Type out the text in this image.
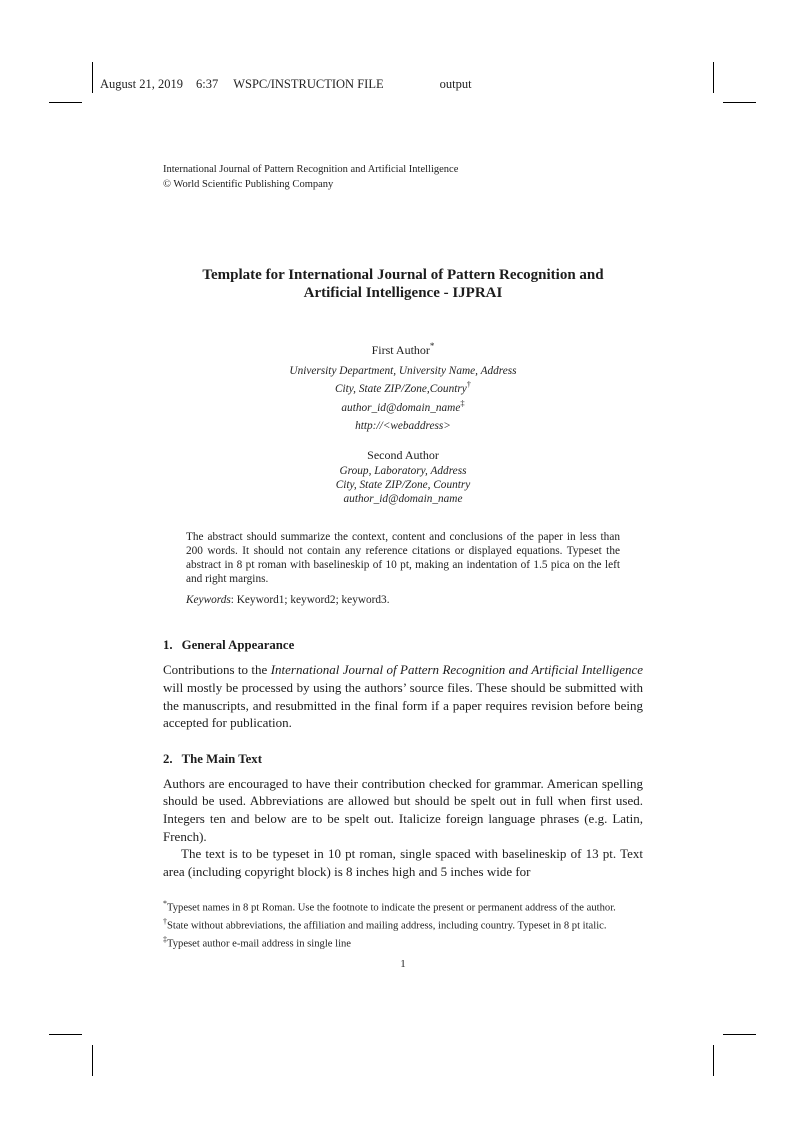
August 21, 2019 6:37 WSPC/INSTRUCTION FILE	output
International Journal of Pattern Recognition and Artificial Intelligence
© World Scientific Publishing Company
Template for International Journal of Pattern Recognition and
Artificial Intelligence - IJPRAI
First Author*
University Department, University Name, Address
City, State ZIP/Zone,Country†
author_id@domain_name‡
http://<webaddress>
Second Author
Group, Laboratory, Address
City, State ZIP/Zone, Country
author_id@domain_name
The abstract should summarize the context, content and conclusions of the paper in less than 200 words. It should not contain any reference citations or displayed equations. Typeset the abstract in 8 pt roman with baselineskip of 10 pt, making an indentation of 1.5 pica on the left and right margins.
Keywords: Keyword1; keyword2; keyword3.
1. General Appearance
Contributions to the International Journal of Pattern Recognition and Artificial Intelligence will mostly be processed by using the authors’ source files. These should be submitted with the manuscripts, and resubmitted in the final form if a paper requires revision before being accepted for publication.
2. The Main Text
Authors are encouraged to have their contribution checked for grammar. American spelling should be used. Abbreviations are allowed but should be spelt out in full when first used. Integers ten and below are to be spelt out. Italicize foreign language phrases (e.g. Latin, French).
The text is to be typeset in 10 pt roman, single spaced with baselineskip of 13 pt. Text area (including copyright block) is 8 inches high and 5 inches wide for
*Typeset names in 8 pt Roman. Use the footnote to indicate the present or permanent address of the author.
†State without abbreviations, the affiliation and mailing address, including country. Typeset in 8 pt italic.
‡Typeset author e-mail address in single line
1
